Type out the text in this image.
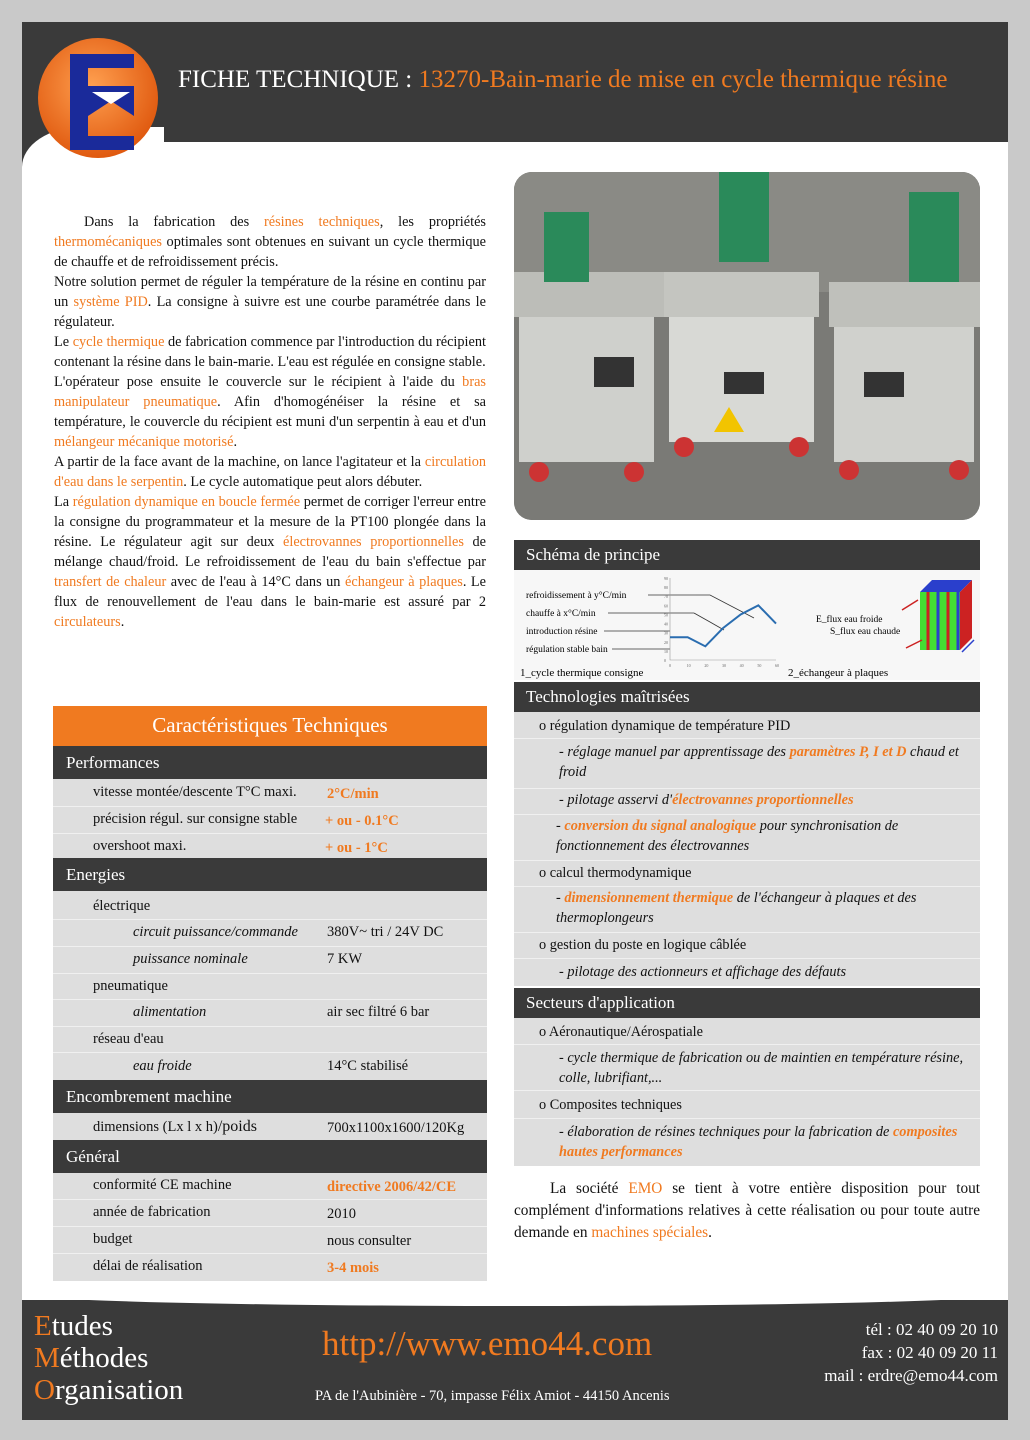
FICHE TECHNIQUE : 13270-Bain-marie de mise en cycle thermique résine

Dans la fabrication des résines techniques, les propriétés thermomécaniques optimales sont obtenues en suivant un cycle thermique de chauffe et de refroidissement précis.

Notre solution permet de réguler la température de la résine en continu par un système PID. La consigne à suivre est une courbe paramétrée dans le régulateur.

Le cycle thermique de fabrication commence par l'introduction du récipient contenant la résine dans le bain-marie. L'eau est régulée en consigne stable.

L'opérateur pose ensuite le couvercle sur le récipient à l'aide du bras manipulateur pneumatique. Afin d'homogénéiser la résine et sa température, le couvercle du récipient est muni d'un serpentin à eau et d'un mélangeur mécanique motorisé.

A partir de la face avant de la machine, on lance l'agitateur et la circulation d'eau dans le serpentin. Le cycle automatique peut alors débuter.

La régulation dynamique en boucle fermée permet de corriger l'erreur entre la consigne du programmateur et la mesure de la PT100 plongée dans la résine. Le régulateur agit sur deux électrovannes proportionnelles de mélange chaud/froid. Le refroidissement de l'eau du bain s'effectue par transfert de chaleur avec de l'eau à 14°C dans un échangeur à plaques. Le flux de renouvellement de l'eau dans le bain-marie est assuré par 2 circulateurs.

Schéma de principe
refroidissement à y°C/min
chauffe à x°C/min
introduction résine
régulation stable bain
90
80
70
60
50
40
30
20
10
0
0	10	20	30	40	50	60
1_cycle thermique consigne	2_échangeur à plaques
E_flux eau froide
S_flux eau chaude
Technologies maîtrisées
o régulation dynamique de température PID
- réglage manuel par apprentissage des paramètres P, I et D chaud et froid
- pilotage asservi d'électrovannes proportionnelles
- conversion du signal analogique pour synchronisation de fonctionnement des électrovannes
o calcul thermodynamique
- dimensionnement thermique de l'échangeur à plaques et des thermoplongeurs
o gestion du poste en logique câblée
- pilotage des actionneurs et affichage des défauts
Secteurs d'application
o Aéronautique/Aérospatiale
- cycle thermique de fabrication ou de maintien en température résine, colle, lubrifiant,...
o Composites techniques
- élaboration de résines techniques pour la fabrication de composites hautes performances
Caractéristiques Techniques
Performances
vitesse montée/descente T°C maxi. 2°C/min
précision régul. sur consigne stable + ou - 0.1°C
overshoot maxi.	+ ou - 1°C
Energies
électrique
circuit puissance/commande 380V~ tri / 24V DC
puissance nominale	7 KW
pneumatique
alimentation	air sec filtré 6 bar
réseau d'eau
eau froide	14°C stabilisé
Encombrement machine
dimensions (Lx l x h)/poids	700x1100x1600/120Kg
Général
conformité CE machine	directive 2006/42/CE
année de fabrication	2010
budget	nous consulter
délai de réalisation	3-4 mois
La société EMO se tient à votre entière disposition pour tout complément d'informations relatives à cette réalisation ou pour toute autre demande en machines spéciales.
Etudes
Méthodes
Organisation
http://www.emo44.com
PA de l'Aubinière - 70, impasse Félix Amiot - 44150 Ancenis
tél : 02 40 09 20 10
fax : 02 40 09 20 11
mail : erdre@emo44.com
